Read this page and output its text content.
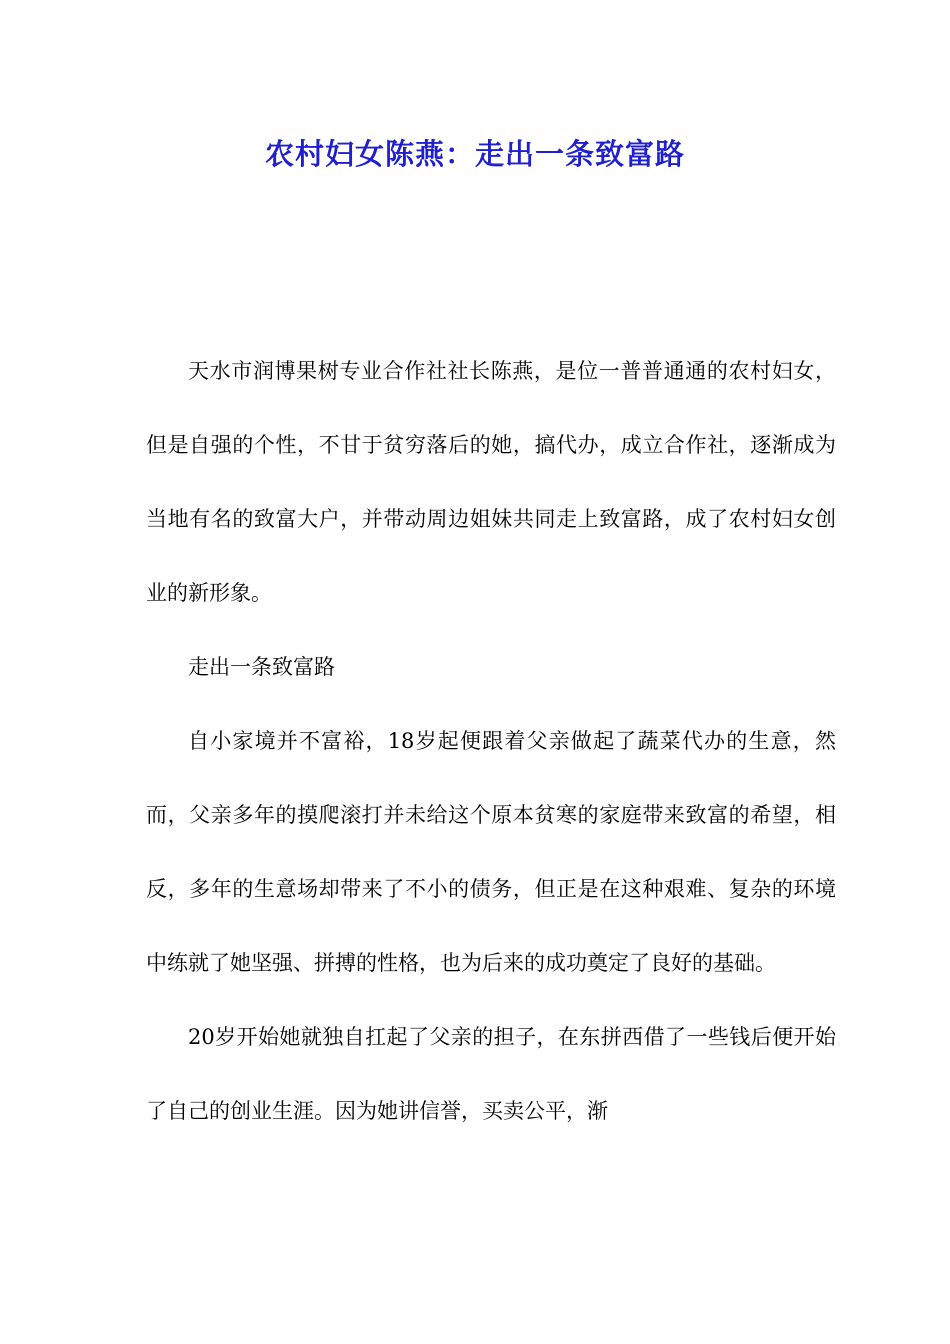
农村妇女陈燕：走出一条致富路

天水市润博果树专业合作社社长陈燕，是位一普普通通的农村妇女，但是自强的个性，不甘于贫穷落后的她，搞代办，成立合作社，逐渐成为当地有名的致富大户，并带动周边姐妹共同走上致富路，成了农村妇女创业的新形象。

走出一条致富路

自小家境并不富裕，18岁起便跟着父亲做起了蔬菜代办的生意，然而，父亲多年的摸爬滚打并未给这个原本贫寒的家庭带来致富的希望，相反，多年的生意场却带来了不小的债务，但正是在这种艰难、复杂的环境中练就了她坚强、拼搏的性格，也为后来的成功奠定了良好的基础。

20岁开始她就独自扛起了父亲的担子，在东拼西借了一些钱后便开始了自己的创业生涯。因为她讲信誉，买卖公平，渐
